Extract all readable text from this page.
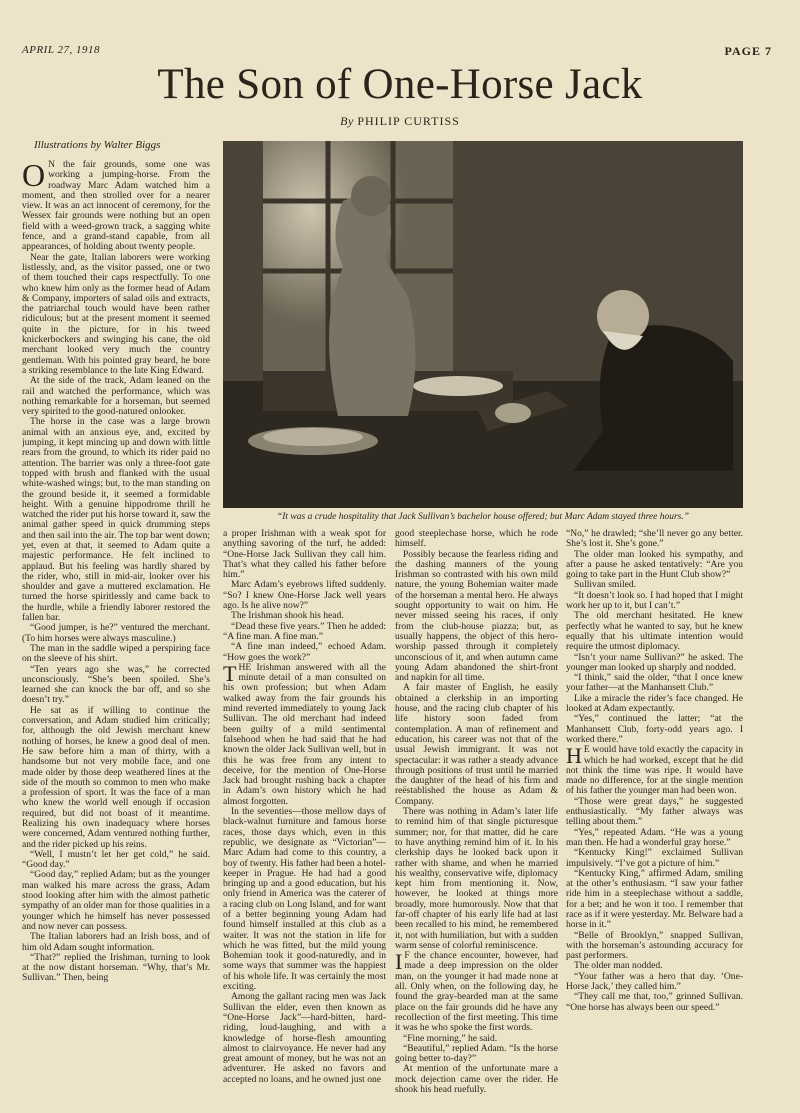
APRIL 27, 1918	PAGE 7
The Son of One-Horse Jack
By PHILIP CURTISS
Illustrations by Walter Biggs
“It was a crude hospitality that Jack Sullivan’s bachelor house offered; but Marc Adam stayed three hours.”

O N the fair grounds, some one was working a jumping-horse. From the roadway Marc Adam watched him a moment, and then strolled over for a nearer view. It was an act innocent of ceremony, for the Wessex fair grounds were nothing but an open field with a weed-grown track, a sagging white fence, and a grand-stand capable, from all appearances, of holding about twenty people.

Near the gate, Italian laborers were working listlessly, and, as the visitor passed, one or two of them touched their caps respectfully. To one who knew him only as the former head of Adam & Company, importers of salad oils and extracts, the patriarchal touch would have been rather ridiculous; but at the present moment it seemed quite in the picture, for in his tweed knickerbockers and swinging his cane, the old merchant looked very much the country gentleman. With his pointed gray beard, he bore a striking resemblance to the late King Edward.

At the side of the track, Adam leaned on the rail and watched the performance, which was nothing remarkable for a horseman, but seemed very spirited to the good-natured onlooker.

The horse in the case was a large brown animal with an anxious eye, and, excited by jumping, it kept mincing up and down with little rears from the ground, to which its rider paid no attention. The barrier was only a three-foot gate topped with brush and flanked with the usual white-washed wings; but, to the man standing on the ground beside it, it seemed a formidable height. With a genuine hippodrome thrill he watched the rider put his horse toward it, saw the animal gather speed in quick drumming steps and then sail into the air. The top bar went down; yet, even at that, it seemed to Adam quite a majestic performance. He felt inclined to applaud. But his feeling was hardly shared by the rider, who, still in mid-air, looker over his shoulder and gave a muttered exclamation. He turned the horse spiritlessly and came back to the hurdle, while a friendly laborer restored the fallen bar.

“Good jumper, is he?” ventured the merchant. (To him horses were always masculine.)

The man in the saddle wiped a perspiring face on the sleeve of his shirt.

“Ten years ago she was,” he corrected unconsciously. “She’s been spoiled. She’s learned she can knock the bar off, and so she doesn’t try.”

He sat as if willing to continue the conversation, and Adam studied him critically; for, although the old Jewish merchant knew nothing of horses, he knew a good deal of men. He saw before him a man of thirty, with a handsome but not very mobile face, and one made older by those deep weathered lines at the side of the mouth so common to men who make a profession of sport. It was the face of a man who knew the world well enough if occasion required, but did not boast of it meantime. Realizing his own inadequacy where horses were concerned, Adam ventured nothing further, and the rider picked up his reins.

“Well, I mustn’t let her get cold,” he said. “Good day.”

“Good day,” replied Adam; but as the younger man walked his mare across the grass, Adam stood looking after him with the almost pathetic sympathy of an older man for those qualities in a younger which he himself has never possessed and now never can possess.

The Italian laborers had an Irish boss, and of him old Adam sought information.

“That?” replied the Irishman, turning to look at the now distant horseman. “Why, that’s Mr. Sullivan.” Then, being

a proper Irishman with a weak spot for anything savoring of the turf, he added: “One-Horse Jack Sullivan they call him. That’s what they called his father before him.”

Marc Adam’s eyebrows lifted suddenly. “So? I knew One-Horse Jack well years ago. Is he alive now?”

The Irishman shook his head.

“Dead these five years.” Then he added: “A fine man. A fine man.”

“A fine man indeed,” echoed Adam. “How goes the work?”

THE Irishman answered with all the minute detail of a man consulted on his own profession; but when Adam walked away from the fair grounds his mind reverted immediately to young Jack Sullivan. The old merchant had indeed been guilty of a mild sentimental falsehood when he had said that he had known the older Jack Sullivan well, but in this he was free from any intent to deceive, for the mention of One-Horse Jack had brought rushing back a chapter in Adam’s own history which he had almost forgotten.

In the seventies—those mellow days of black-walnut furniture and famous horse races, those days which, even in this republic, we designate as “Victorian”—Marc Adam had come to this country, a boy of twenty. His father had been a hotel-keeper in Prague. He had had a good bringing up and a good education, but his only friend in America was the caterer of a racing club on Long Island, and for want of a better beginning young Adam had found himself installed at this club as a waiter. It was not the station in life for which he was fitted, but the mild young Bohemian took it good-naturedly, and in some ways that summer was the happiest of his whole life. It was certainly the most exciting.

Among the gallant racing men was Jack Sullivan the elder, even then known as “One-Horse Jack”—hard-bitten, hard-riding, loud-laughing, and with a knowledge of horse-flesh amounting almost to clairvoyance. He never had any great amount of money, but he was not an adventurer. He asked no favors and accepted no loans, and he owned just one

good steeplechase horse, which he rode himself.

Possibly because the fearless riding and the dashing manners of the young Irishman so contrasted with his own mild nature, the young Bohemian waiter made of the horseman a mental hero. He always sought opportunity to wait on him. He never missed seeing his races, if only from the club-house piazza; but, as usually happens, the object of this hero-worship passed through it completely unconscious of it, and when autumn came young Adam abandoned the shirt-front and napkin for all time.

A fair master of English, he easily obtained a clerkship in an importing house, and the racing club chapter of his life history soon faded from contemplation. A man of refinement and education, his career was not that of the usual Jewish immigrant. It was not spectacular: it was rather a steady advance through positions of trust until he married the daughter of the head of his firm and reëstablished the house as Adam & Company.

There was nothing in Adam’s later life to remind him of that single picturesque summer; nor, for that matter, did he care to have anything remind him of it. In his clerkship days he looked back upon it rather with shame, and when he married his wealthy, conservative wife, diplomacy kept him from mentioning it. Now, however, he looked at things more broadly, more humorously. Now that that far-off chapter of his early life had at last been recalled to his mind, he remembered it, not with humiliation, but with a sudden warm sense of colorful reminiscence.

I F the chance encounter, however, had made a deep impression on the older man, on the younger it had made none at all. Only when, on the following day, he found the gray-bearded man at the same place on the fair grounds did he have any recollection of the first meeting. This time it was he who spoke the first words.

“Fine morning,” he said.

“Beautiful,” replied Adam. “Is the horse going better to-day?”

At mention of the unfortunate mare a mock dejection came over the rider. He shook his head ruefully.

“No,” he drawled; “she’ll never go any better. She’s lost it. She’s gone.”

The older man looked his sympathy, and after a pause he asked tentatively: “Are you going to take part in the Hunt Club show?”

Sullivan smiled.

“It doesn’t look so. I had hoped that I might work her up to it, but I can’t.”

The old merchant hesitated. He knew perfectly what he wanted to say, but he knew equally that his ultimate intention would require the utmost diplomacy.

“Isn’t your name Sullivan?” he asked. The younger man looked up sharply and nodded.

“I think,” said the older, “that I once knew your father—at the Manhansett Club.”

Like a miracle the rider’s face changed. He looked at Adam expectantly.

“Yes,” continued the latter; “at the Manhansett Club, forty-odd years ago. I worked there.”

H E would have told exactly the capacity in which he had worked, except that he did not think the time was ripe. It would have made no difference, for at the single mention of his father the younger man had been won.

“Those were great days,” he suggested enthusiastically. “My father always was telling about them.”

“Yes,” repeated Adam. “He was a young man then. He had a wonderful gray horse.”

“Kentucky King!” exclaimed Sullivan impulsively. “I’ve got a picture of him.”

“Kentucky King,” affirmed Adam, smiling at the other’s enthusiasm. “I saw your father ride him in a steeplechase without a saddle, for a bet; and he won it too. I remember that race as if it were yesterday. Mr. Belware had a horse in it.”

“Belle of Brooklyn,” snapped Sullivan, with the horseman’s astounding accuracy for past performers.

The older man nodded.

“Your father was a hero that day. ‘One-Horse Jack,’ they called him.”

“They call me that, too,” grinned Sullivan. “One horse has always been our speed.”
